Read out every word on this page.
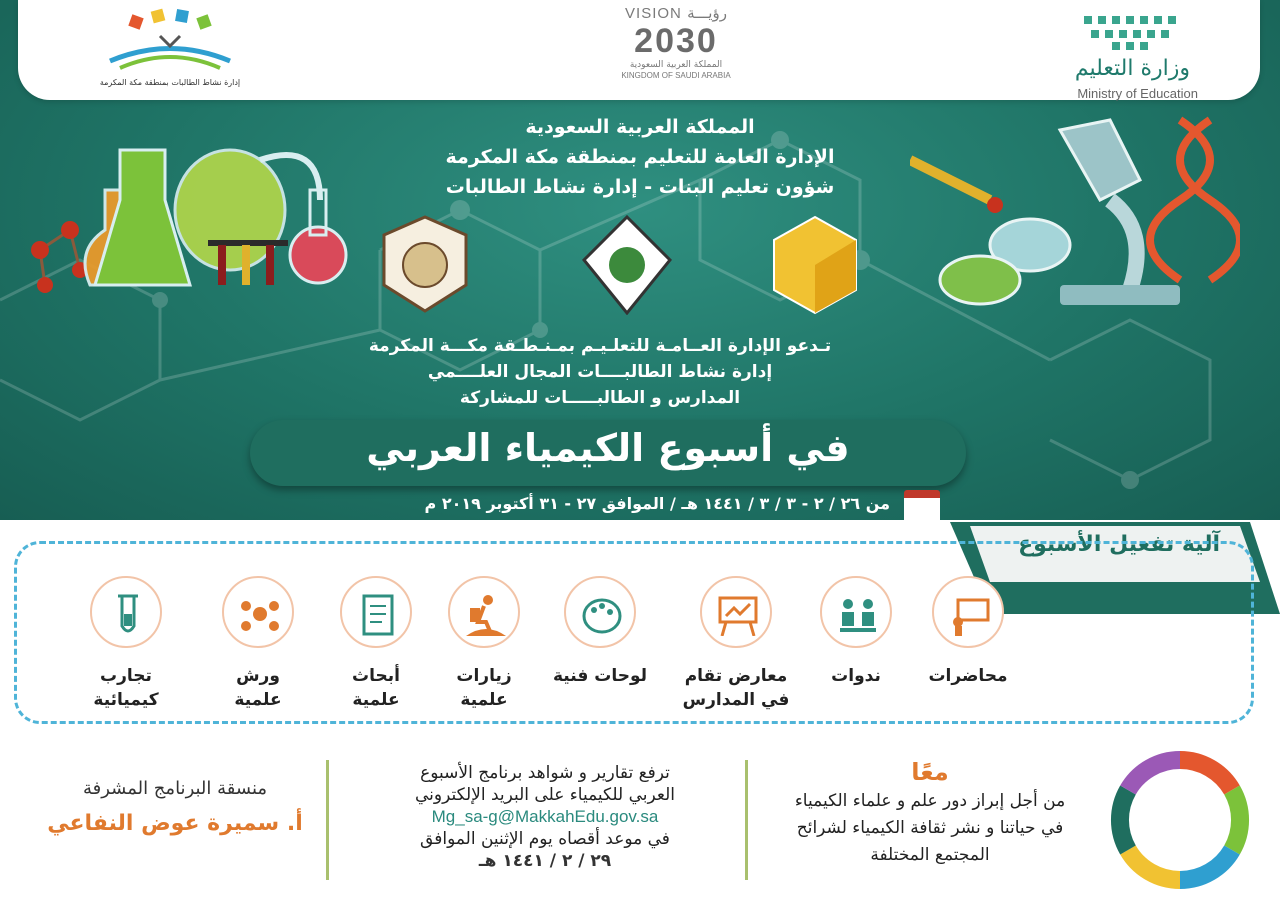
المملكة العربية السعودية
الإدارة العامة للتعليم بمنطقة مكة المكرمة
شؤون تعليم البنات - إدارة نشاط الطالبات
تـدعو الإدارة العــامـة للتعلـيـم بمـنـطـقة مكـــة المكرمة
إدارة نشاط الطالبــــات المجال العلــــمي
المدارس و الطالبـــــات للمشاركة
في أسبوع الكيمياء العربي
من ٢٦ / ٢ - ٣ / ٣ / ١٤٤١ هـ / الموافق ٢٧ - ٣١ أكتوبر ٢٠١٩ م
إدارة نشاط الطالبات بمنطقة مكة المكرمة
VISION رؤيـــة
2030
المملكة العربية السعودية
KINGDOM OF SAUDI ARABIA	وزارة التعليم
Ministry of Education
آلية تفعيل الأسبوع
محاضرات
ندوات
معارض تقام
في المدارس
لوحات فنية
زيارات
علمية
أبحاث
علمية
ورش
علمية
تجارب
كيميائية
معًا
من أجل إبراز دور علم و علماء الكيمياء
في حياتنا و نشر ثقافة الكيمياء لشرائح
المجتمع المختلفة
ترفع تقارير و شواهد برنامج الأسبوع
العربي للكيمياء على البريد الإلكتروني
Mg_sa-g@MakkahEdu.gov.sa
في موعد أقصاه يوم الإثنين الموافق
٢٩ / ٢ / ١٤٤١ هـ
منسقة البرنامج المشرفة
أ. سميرة عوض النفاعي
